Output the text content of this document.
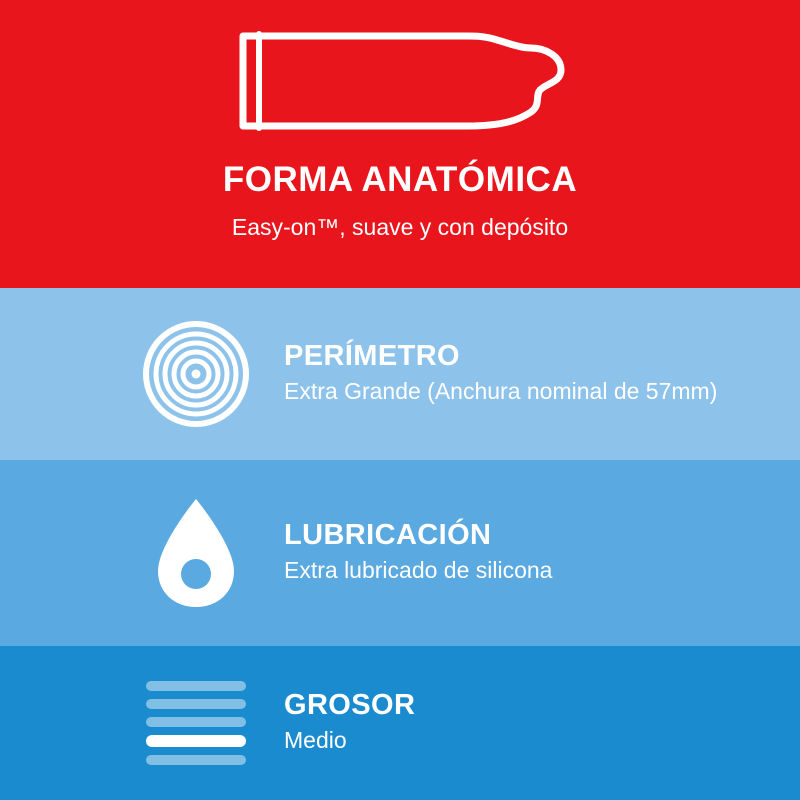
FORMA ANATÓMICA

Easy-on™, suave y con depósito

PERÍMETRO
Extra Grande (Anchura nominal de 57mm)
LUBRICACIÓN
Extra lubricado de silicona
GROSOR
Medio
